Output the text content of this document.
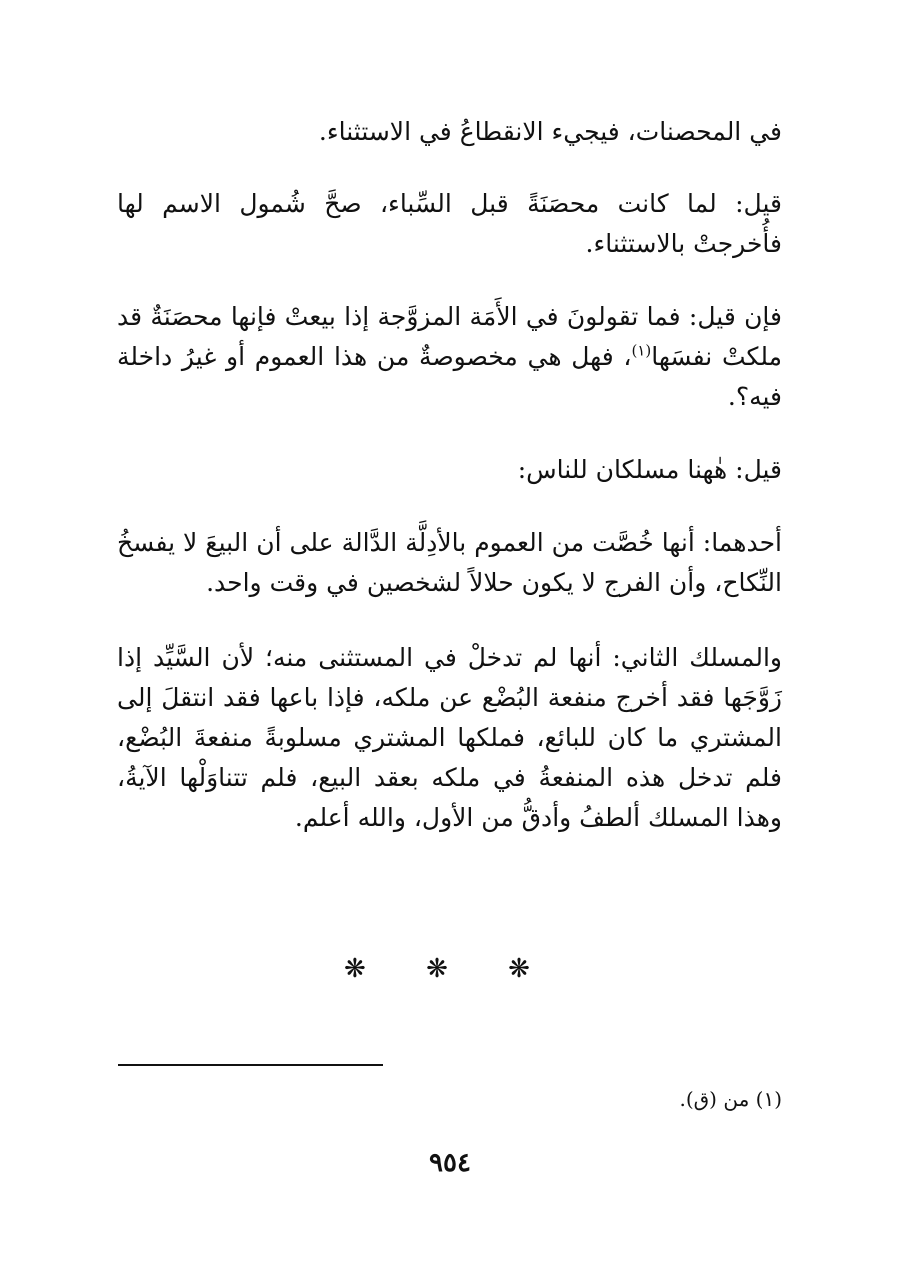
في المحصنات، فيجيء الانقطاعُ في الاستثناء.

قيل: لما كانت محصَنَةً قبل السِّباء، صحَّ شُمول الاسم لها فأُخرجتْ بالاستثناء.

فإن قيل: فما تقولونَ في الأَمَة المزوَّجة إذا بيعتْ فإنها محصَنَةٌ قد ملكتْ نفسَها$^{(١)}$، فهل هي مخصوصةٌ من هذا العموم أو غيرُ داخلة فيه؟.

قيل: هٰهنا مسلكان للناس:

أحدهما: أنها خُصَّت من العموم بالأدِلَّة الدَّالة على أن البيعَ لا يفسخُ النِّكاح، وأن الفرج لا يكون حلالاً لشخصين في وقت واحد.

والمسلك الثاني: أنها لم تدخلْ في المستثنى منه؛ لأن السَّيِّد إذا زَوَّجَها فقد أخرج منفعة البُضْع عن ملكه، فإذا باعها فقد انتقلَ إلى المشتري ما كان للبائع، فملكها المشتري مسلوبةً منفعةَ البُضْع، فلم تدخل هذه المنفعةُ في ملكه بعقد البيع، فلم تتناوَلْها الآيةُ، وهذا المسلك ألطفُ وأدقُّ من الأول، والله أعلم.

❋ ❋ ❋
(١) من (ق).
٩٥٤
